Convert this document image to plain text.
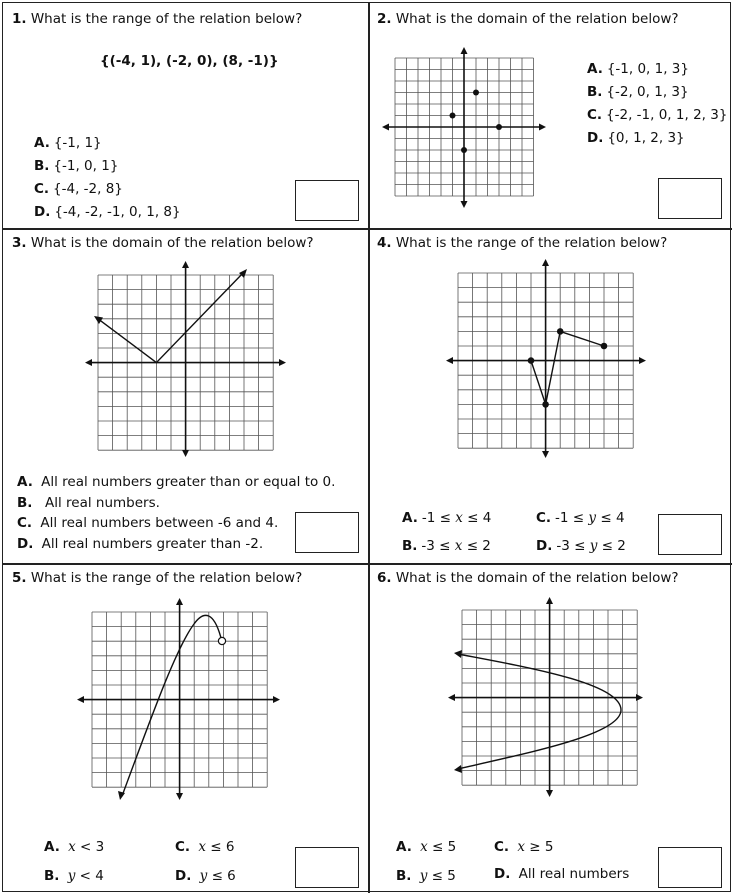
1. What is the range of the relation below?
{(-4, 1), (-2, 0), (8, -1)}
A. {-1, 1}
B. {-1, 0, 1}
C. {-4, -2, 8}
D. {-4, -2, -1, 0, 1, 8}
2. What is the domain of the relation below?
A. {-1, 0, 1, 3}
B. {-2, 0, 1, 3}
C. {-2, -1, 0, 1, 2, 3}
D. {0, 1, 2, 3}
3. What is the domain of the relation below?
A. All real numbers greater than or equal to 0.
B. All real numbers.
C. All real numbers between -6 and 4.
D. All real numbers greater than -2.
4. What is the range of the relation below?
A. -1 ≤ x ≤ 4	C. -1 ≤ y ≤ 4
B. -3 ≤ x ≤ 2	D. -3 ≤ y ≤ 2
5. What is the range of the relation below?
A. x < 3	C. x ≤ 6
B. y < 4	D. y ≤ 6
6. What is the domain of the relation below?
A. x ≤ 5	C. x ≥ 5
B. y ≤ 5	D. All real numbers
